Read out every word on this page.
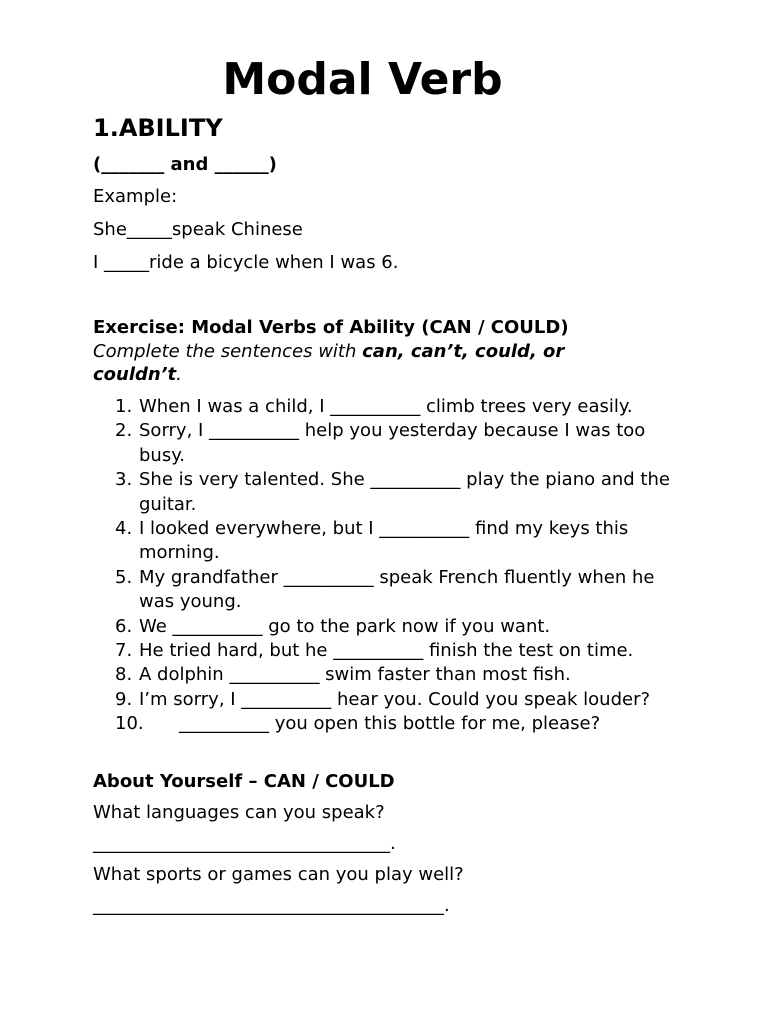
Modal Verb
1.ABILITY

(_______ and ______)

Example:

She_____speak Chinese

I _____ride a bicycle when I was 6.

Exercise: Modal Verbs of Ability (CAN / COULD)

Complete the sentences with can, can’t, could, or couldn’t.

1. When I was a child, I __________ climb trees very easily.
2. Sorry, I __________ help you yesterday because I was too busy.
3. She is very talented. She __________ play the piano and the guitar.
4. I looked everywhere, but I __________ find my keys this morning.
5. My grandfather __________ speak French fluently when he was young.
6. We __________ go to the park now if you want.
7. He tried hard, but he __________ finish the test on time.
8. A dolphin __________ swim faster than most fish.
9. I’m sorry, I __________ hear you. Could you speak louder?
10. __________ you open this bottle for me, please?

About Yourself – CAN / COULD

What languages can you speak?

_________________________________.

What sports or games can you play well?

_______________________________________.
